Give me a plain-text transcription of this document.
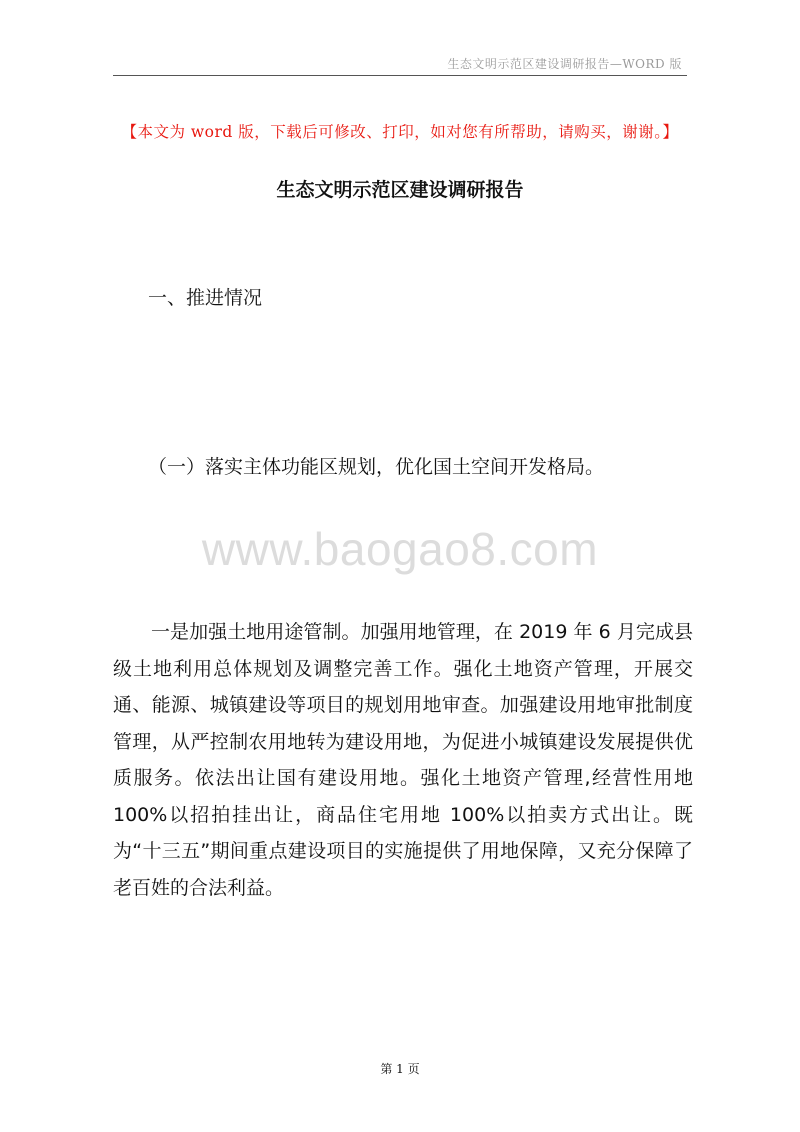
生态文明示范区建设调研报告—WORD 版
【本文为 word 版，下载后可修改、打印，如对您有所帮助，请购买，谢谢。】
生态文明示范区建设调研报告
一、推进情况
（一）落实主体功能区规划，优化国土空间开发格局。
www.baogao8.com
一是加强土地用途管制。加强用地管理，在 2019 年 6 月完成县级土地利用总体规划及调整完善工作。强化土地资产管理，开展交通、能源、城镇建设等项目的规划用地审查。加强建设用地审批制度管理，从严控制农用地转为建设用地，为促进小城镇建设发展提供优质服务。依法出让国有建设用地。强化土地资产管理,经营性用地 100%以招拍挂出让，商品住宅用地 100%以拍卖方式出让。既为“十三五”期间重点建设项目的实施提供了用地保障，又充分保障了老百姓的合法利益。
第 1 页
